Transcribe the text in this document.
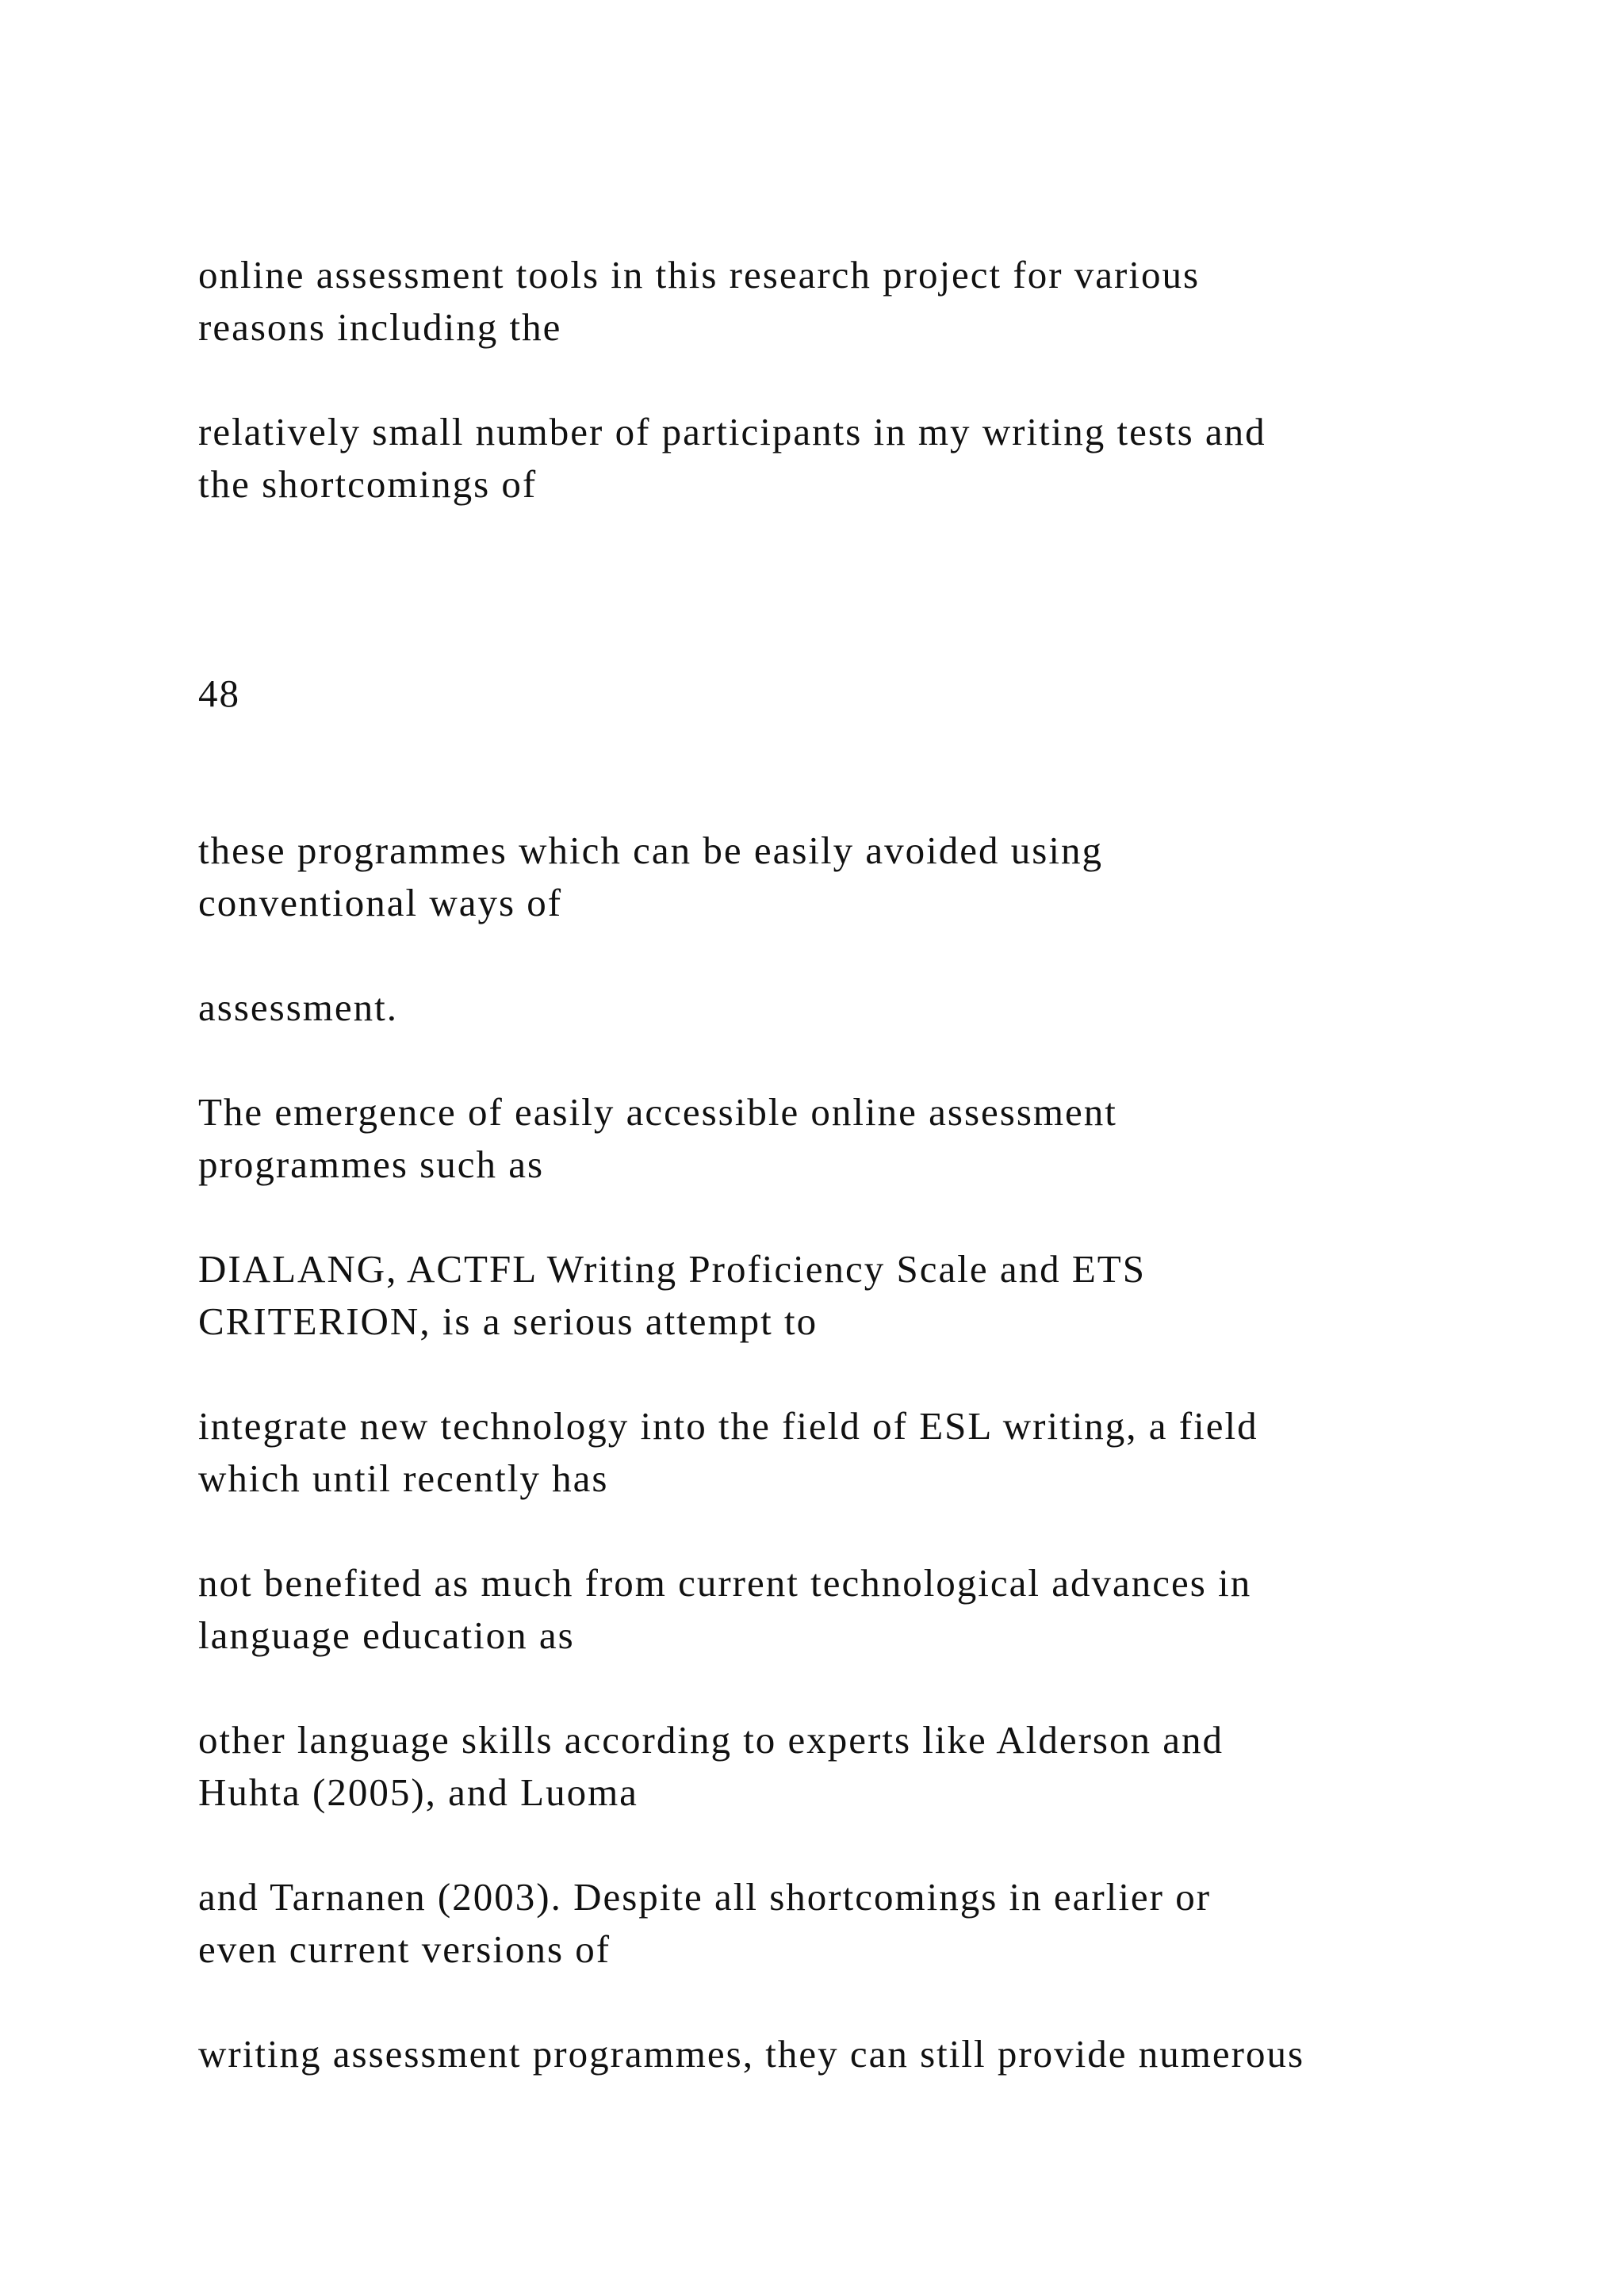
online assessment tools in this research project for various

reasons including the

relatively small number of participants in my writing tests and

the shortcomings of

48

these programmes which can be easily avoided using

conventional ways of

assessment.

The emergence of easily accessible online assessment

programmes such as

DIALANG, ACTFL Writing Proficiency Scale and ETS

CRITERION, is a serious attempt to

integrate new technology into the field of ESL writing, a field

which until recently has

not benefited as much from current technological advances in

language education as

other language skills according to experts like Alderson and

Huhta (2005), and Luoma

and Tarnanen (2003). Despite all shortcomings in earlier or

even current versions of

writing assessment programmes, they can still provide numerous
